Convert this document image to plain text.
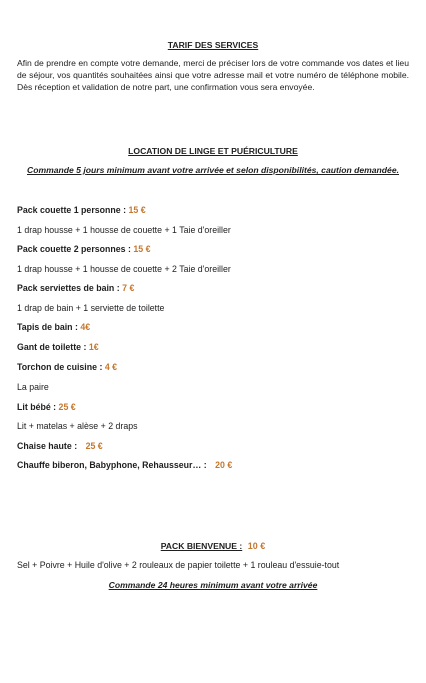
TARIF DES SERVICES
Afin de prendre en compte votre demande, merci de préciser lors de votre commande vos dates et lieu de séjour, vos quantités souhaitées ainsi que votre adresse mail et votre numéro de téléphone mobile. Dès réception et validation de notre part, une confirmation vous sera envoyée.
LOCATION DE LINGE ET PUÉRICULTURE
Commande 5 jours minimum avant votre arrivée et selon disponibilités, caution demandée.
Pack couette 1 personne : 15 €
1 drap housse + 1 housse de couette + 1 Taie d'oreiller
Pack couette 2 personnes : 15 €
1 drap housse + 1 housse de couette + 2 Taie d'oreiller
Pack serviettes de bain : 7 €
1 drap de bain + 1 serviette de toilette
Tapis de bain : 4€
Gant de toilette : 1€
Torchon de cuisine : 4 €
La paire
Lit bébé : 25 €
Lit + matelas + alèse + 2 draps
Chaise haute : 25 €
Chauffe biberon, Babyphone, Rehausseur… : 20 €
PACK BIENVENUE : 10 €
Sel + Poivre + Huile d'olive + 2 rouleaux de papier toilette + 1 rouleau d'essuie-tout
Commande 24 heures minimum avant votre arrivée
